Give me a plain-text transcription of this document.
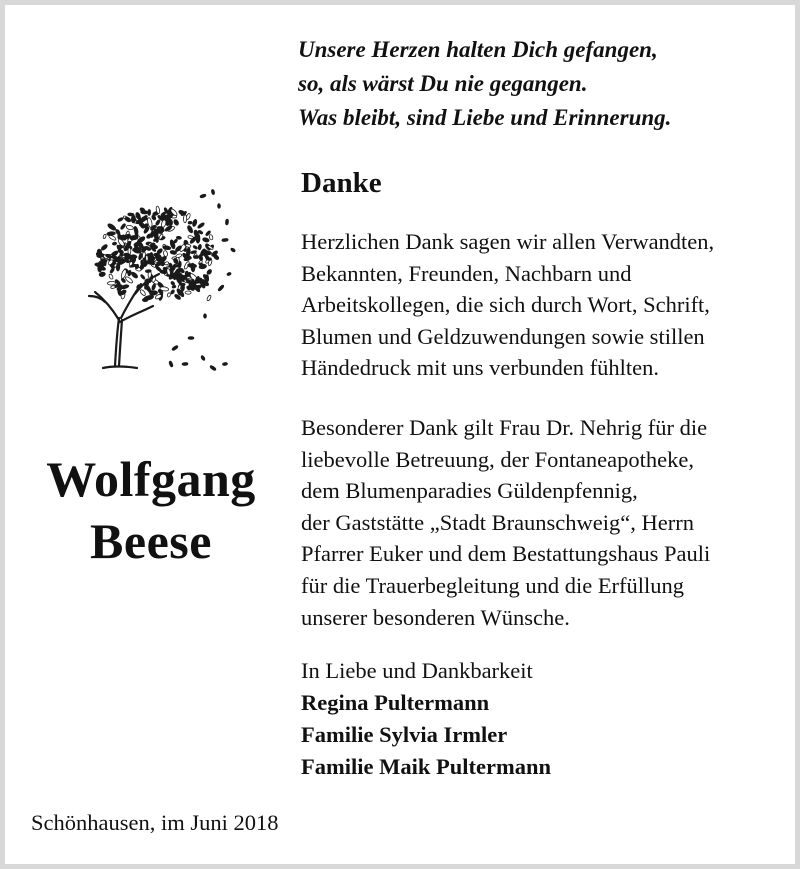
Unsere Herzen halten Dich gefangen,
so, als wärst Du nie gegangen.
Was bleibt, sind Liebe und Erinnerung.
Danke
Herzlichen Dank sagen wir allen Verwandten,
Bekannten, Freunden, Nachbarn und
Arbeitskollegen, die sich durch Wort, Schrift,
Blumen und Geldzuwendungen sowie stillen
Händedruck mit uns verbunden fühlten.
Wolfgang
Beese
Besonderer Dank gilt Frau Dr. Nehrig für die
liebevolle Betreuung, der Fontaneapotheke,
dem Blumenparadies Güldenpfennig,
der Gaststätte „Stadt Braunschweig“, Herrn
Pfarrer Euker und dem Bestattungshaus Pauli
für die Trauerbegleitung und die Erfüllung
unserer besonderen Wünsche.
In Liebe und Dankbarkeit
Regina Pultermann
Familie Sylvia Irmler
Familie Maik Pultermann
Schönhausen, im Juni 2018
